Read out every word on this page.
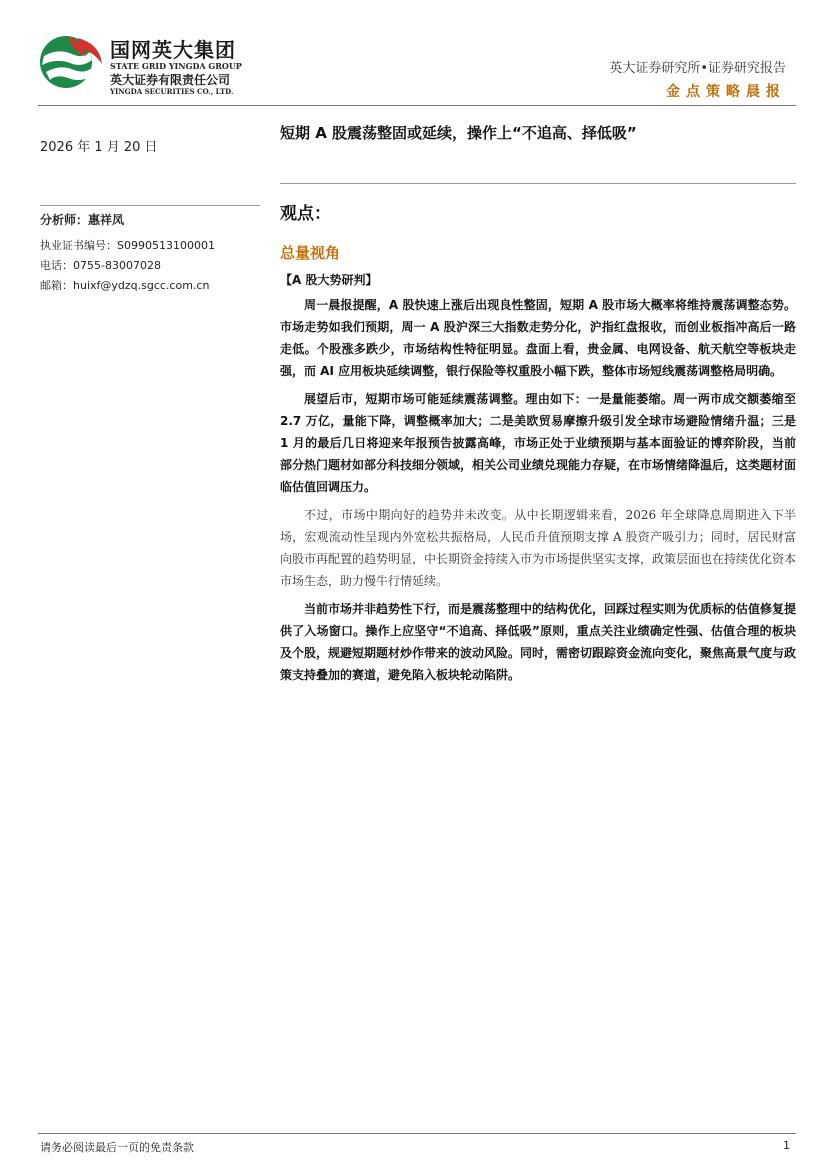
国网英大集团
STATE GRID YINGDA GROUP
英大证券有限责任公司
YINGDA SECURITIES CO., LTD.
英大证券研究所•证券研究报告
金点策略晨报
2026 年 1 月 20 日
短期 A 股震荡整固或延续，操作上“不追高、择低吸”
分析师：惠祥凤
执业证书编号：S0990513100001
电话：0755-83007028
邮箱：huixf@ydzq.sgcc.com.cn
观点：
总量视角
【A 股大势研判】

周一晨报提醒，A 股快速上涨后出现良性整固，短期 A 股市场大概率将维持震荡调整态势。市场走势如我们预期，周一 A 股沪深三大指数走势分化，沪指红盘报收，而创业板指冲高后一路走低。个股涨多跌少，市场结构性特征明显。盘面上看，贵金属、电网设备、航天航空等板块走强，而 AI 应用板块延续调整，银行保险等权重股小幅下跌，整体市场短线震荡调整格局明确。

展望后市，短期市场可能延续震荡调整。理由如下：一是量能萎缩。周一两市成交额萎缩至 2.7 万亿，量能下降，调整概率加大；二是美欧贸易摩擦升级引发全球市场避险情绪升温；三是 1 月的最后几日将迎来年报预告披露高峰，市场正处于业绩预期与基本面验证的博弈阶段，当前部分热门题材如部分科技细分领域，相关公司业绩兑现能力存疑，在市场情绪降温后，这类题材面临估值回调压力。

不过，市场中期向好的趋势并未改变。从中长期逻辑来看，2026 年全球降息周期进入下半场，宏观流动性呈现内外宽松共振格局，人民币升值预期支撑 A 股资产吸引力；同时，居民财富向股市再配置的趋势明显，中长期资金持续入市为市场提供坚实支撑，政策层面也在持续优化资本市场生态，助力慢牛行情延续。

当前市场并非趋势性下行，而是震荡整理中的结构优化，回踩过程实则为优质标的估值修复提供了入场窗口。操作上应坚守“不追高、择低吸”原则，重点关注业绩确定性强、估值合理的板块及个股，规避短期题材炒作带来的波动风险。同时，需密切跟踪资金流向变化，聚焦高景气度与政策支持叠加的赛道，避免陷入板块轮动陷阱。

请务必阅读最后一页的免责条款	1
